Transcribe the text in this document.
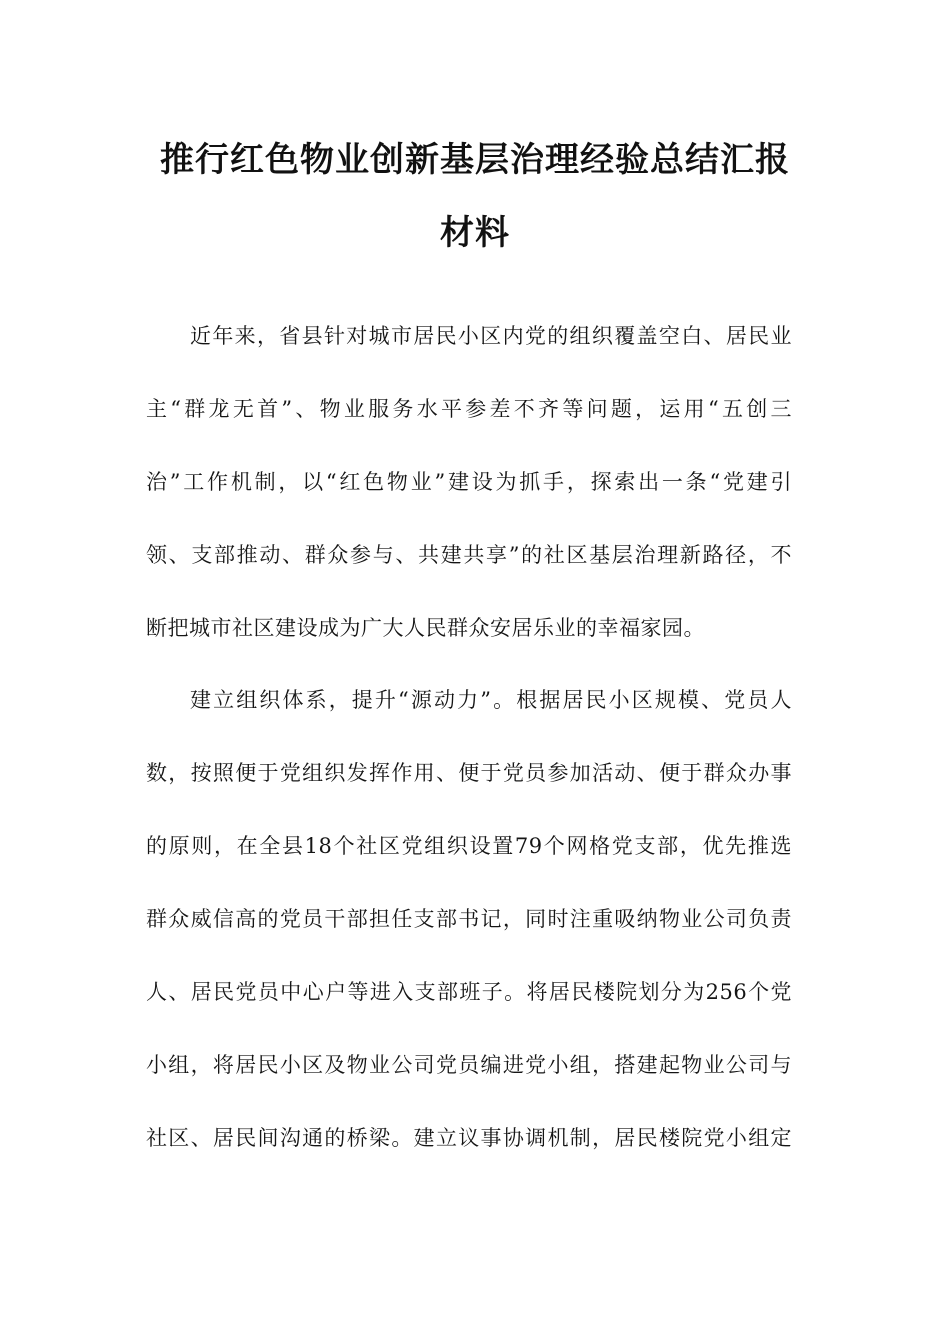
推行红色物业创新基层治理经验总结汇报
材料
近年来，省县针对城市居民小区内党的组织覆盖空白、居民业
主“群龙无首”、物业服务水平参差不齐等问题，运用“五创三
治”工作机制，以“红色物业”建设为抓手，探索出一条“党建引
领、支部推动、群众参与、共建共享”的社区基层治理新路径，不
断把城市社区建设成为广大人民群众安居乐业的幸福家园。
建立组织体系，提升“源动力”。根据居民小区规模、党员人
数，按照便于党组织发挥作用、便于党员参加活动、便于群众办事
的原则，在全县18个社区党组织设置79个网格党支部，优先推选
群众威信高的党员干部担任支部书记，同时注重吸纳物业公司负责
人、居民党员中心户等进入支部班子。将居民楼院划分为256个党
小组，将居民小区及物业公司党员编进党小组，搭建起物业公司与
社区、居民间沟通的桥梁。建立议事协调机制，居民楼院党小组定
